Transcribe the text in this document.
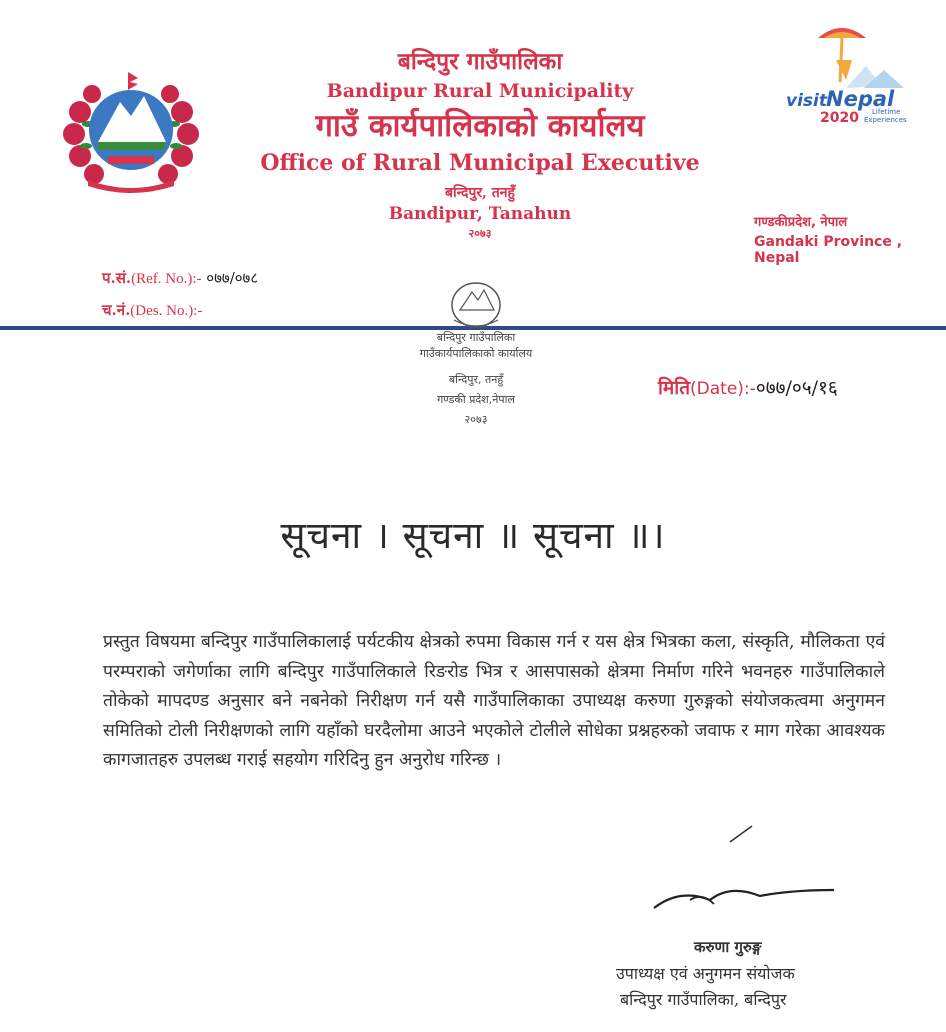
visit Nepal
2020 Lifetime
Experiences
बन्दिपुर गाउँपालिका
Bandipur Rural Municipality
गाउँ कार्यपालिकाको कार्यालय
Office of Rural Municipal Executive
बन्दिपुर, तनहुँ
Bandipur, Tanahun
२०७३
गण्डकीप्रदेश, नेपाल
Gandaki Province , Nepal
प.सं.(Ref. No.):- ०७७/०७८
च.नं.(Des. No.):-
बन्दिपुर गाउँपालिका
गाउँकार्यपालिकाको कार्यालय
बन्दिपुर, तनहुँ
गण्डकी प्रदेश,नेपाल
२०७३
मिति(Date):-०७७/०५/१६
सूचना । सूचना ॥ सूचना ॥।
प्रस्तुत विषयमा बन्दिपुर गाउँपालिकालाई पर्यटकीय क्षेत्रको रुपमा विकास गर्न र यस क्षेत्र भित्रका कला, संस्कृति, मौलिकता एवं परम्पराको जगेर्णाका लागि बन्दिपुर गाउँपालिकाले रिङरोड भित्र र आसपासको क्षेत्रमा निर्माण गरिने भवनहरु गाउँपालिकाले तोकेको मापदण्ड अनुसार बने नबनेको निरीक्षण गर्न यसै गाउँपालिकाका उपाध्यक्ष करुणा गुरुङ्गको संयोजकत्वमा अनुगमन समितिको टोली निरीक्षणको लागि यहाँको घरदैलोमा आउने भएकोले टोलीले सोधेका प्रश्नहरुको जवाफ र माग गरेका आवश्यक कागजातहरु उपलब्ध गराई सहयोग गरिदिनु हुन अनुरोध गरिन्छ ।
करुणा गुरुङ्ग
उपाध्यक्ष एवं अनुगमन संयोजक
बन्दिपुर गाउँपालिका, बन्दिपुर
